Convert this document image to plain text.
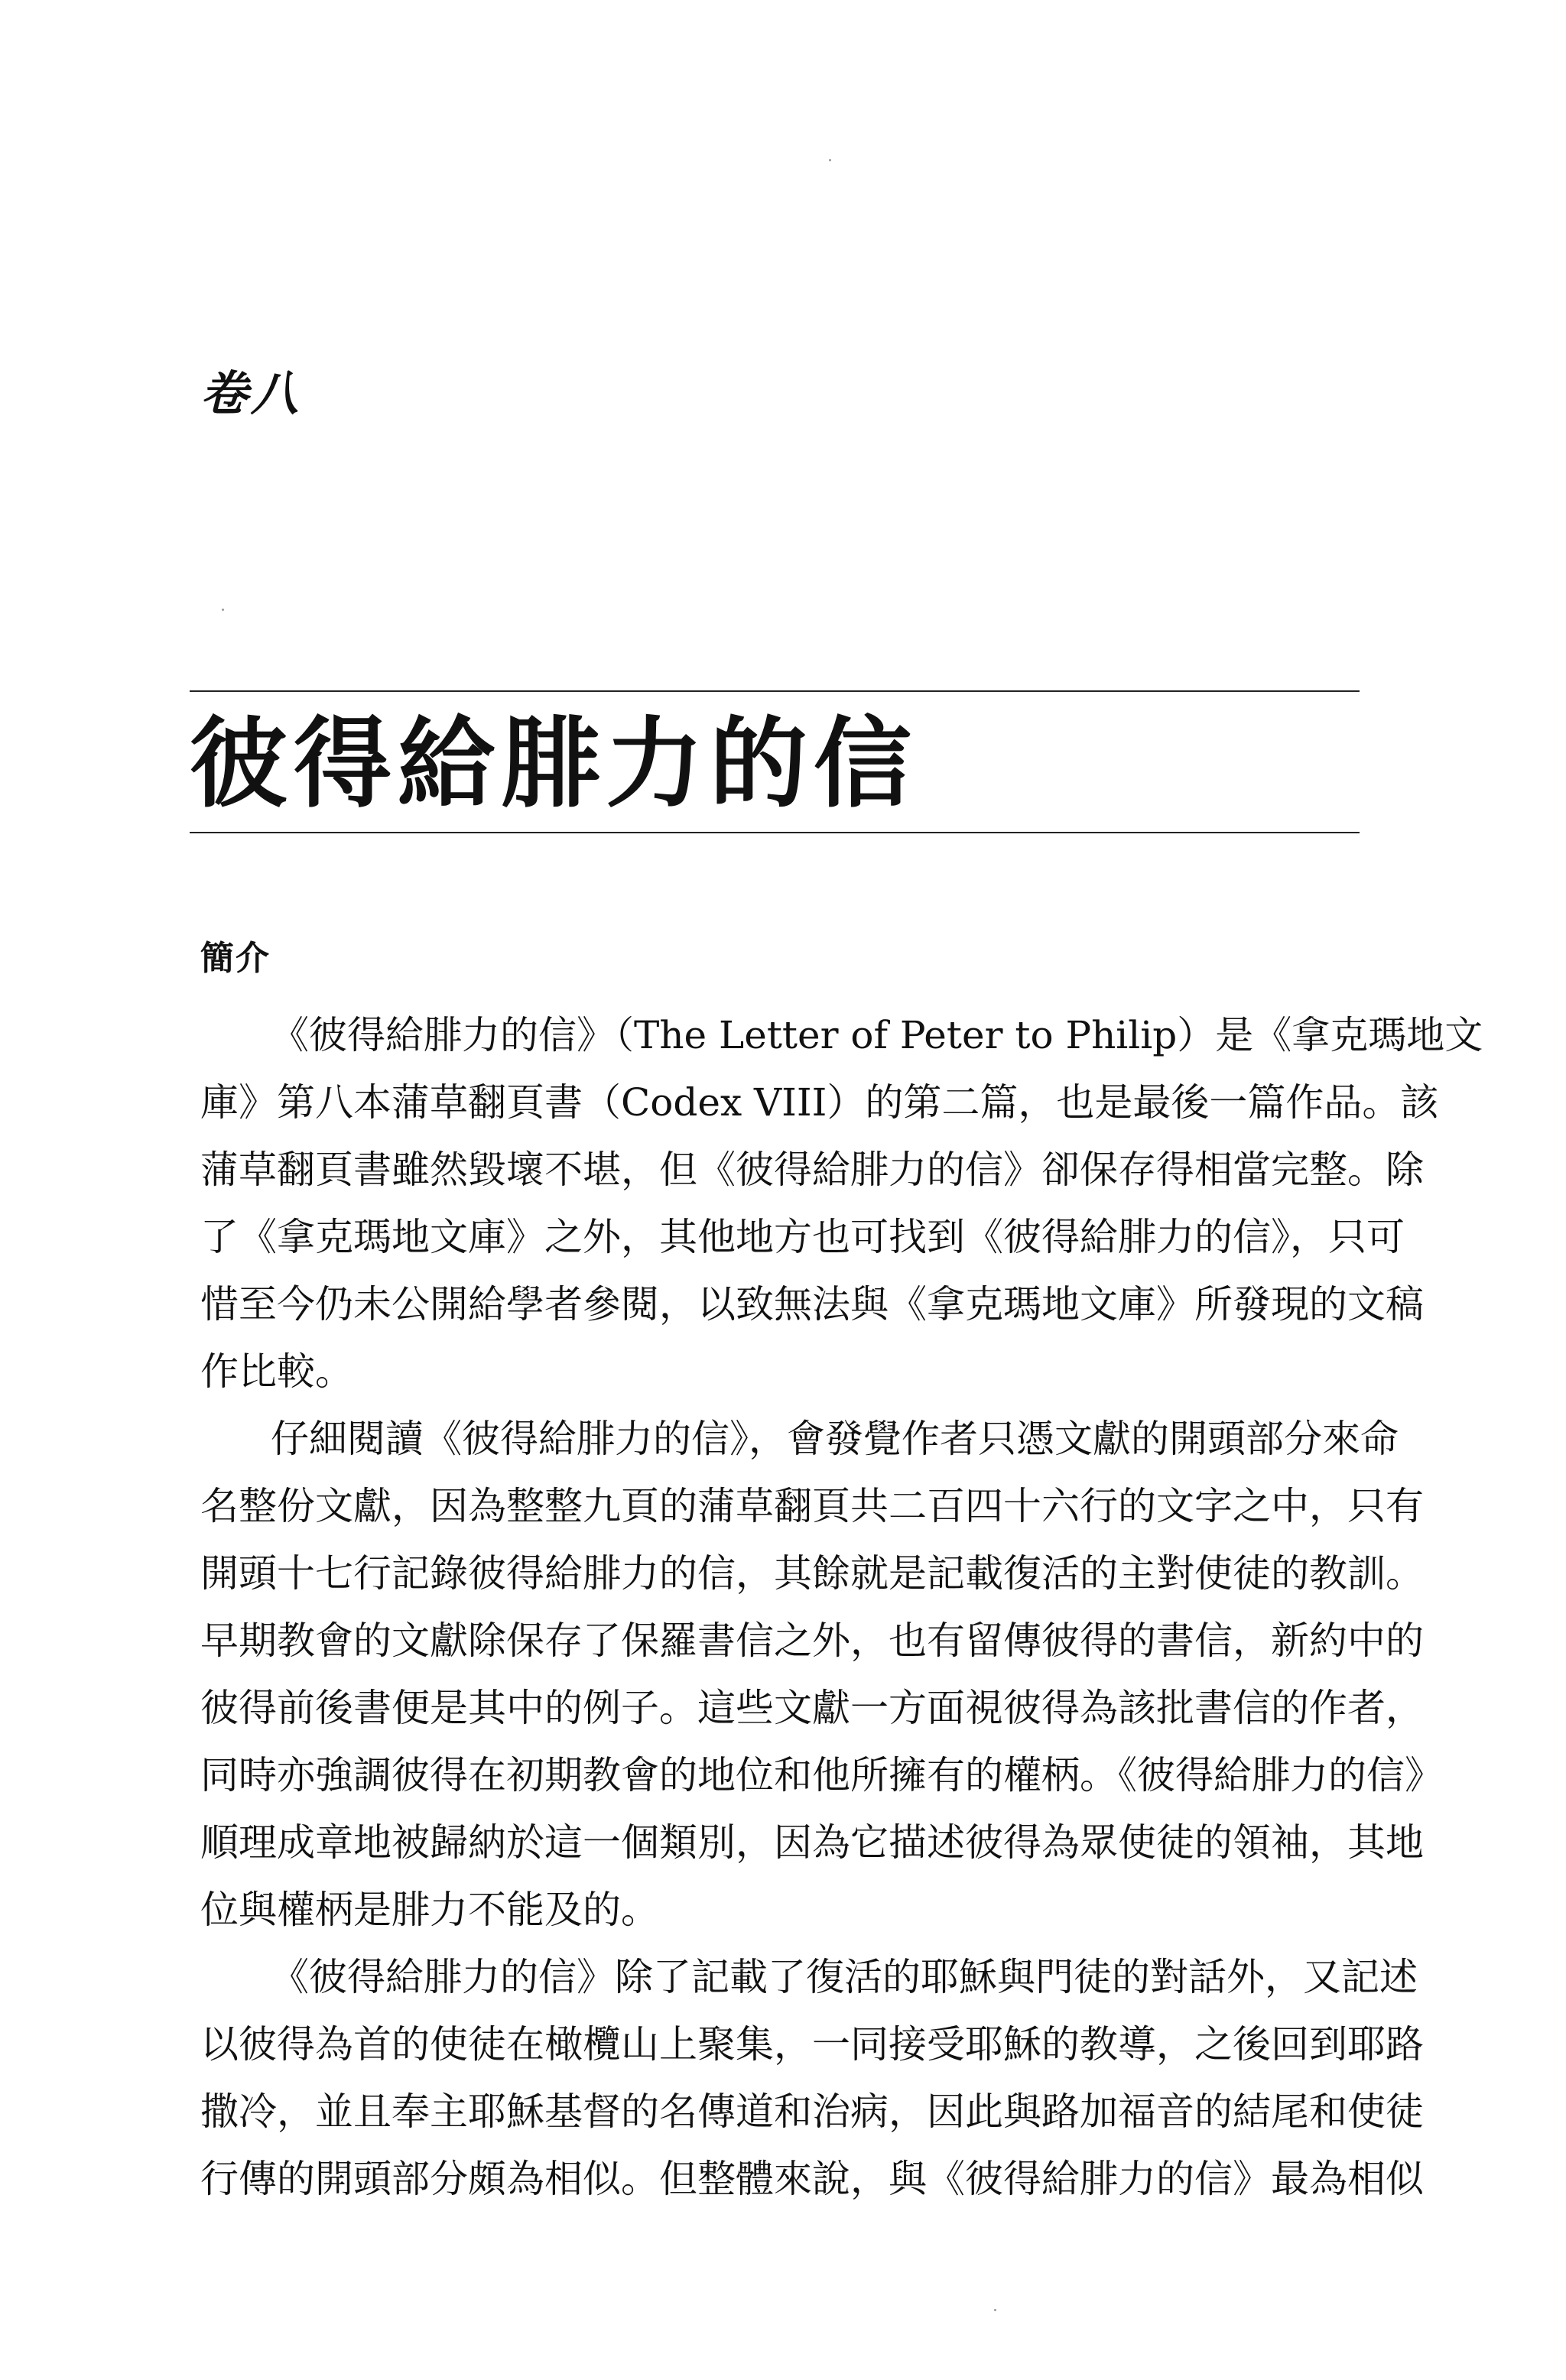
卷八
彼得給腓力的信
簡介
《彼得給腓力的信》（The Letter of Peter to Philip）是《拿克瑪地文
庫》第八本蒲草翻頁書（Codex VIII）的第二篇，也是最後一篇作品。該
蒲草翻頁書雖然毀壞不堪，但《彼得給腓力的信》卻保存得相當完整。除
了《拿克瑪地文庫》之外，其他地方也可找到《彼得給腓力的信》，只可
惜至今仍未公開給學者參閱，以致無法與《拿克瑪地文庫》所發現的文稿
作比較。
仔細閱讀《彼得給腓力的信》，會發覺作者只憑文獻的開頭部分來命
名整份文獻，因為整整九頁的蒲草翻頁共二百四十六行的文字之中，只有
開頭十七行記錄彼得給腓力的信，其餘就是記載復活的主對使徒的教訓。
早期教會的文獻除保存了保羅書信之外，也有留傳彼得的書信，新約中的
彼得前後書便是其中的例子。這些文獻一方面視彼得為該批書信的作者，
同時亦強調彼得在初期教會的地位和他所擁有的權柄。《彼得給腓力的信》
順理成章地被歸納於這一個類別，因為它描述彼得為眾使徒的領袖，其地
位與權柄是腓力不能及的。
《彼得給腓力的信》除了記載了復活的耶穌與門徒的對話外，又記述
以彼得為首的使徒在橄欖山上聚集，一同接受耶穌的教導，之後回到耶路
撒冷，並且奉主耶穌基督的名傳道和治病，因此與路加福音的結尾和使徒
行傳的開頭部分頗為相似。但整體來說，與《彼得給腓力的信》最為相似
